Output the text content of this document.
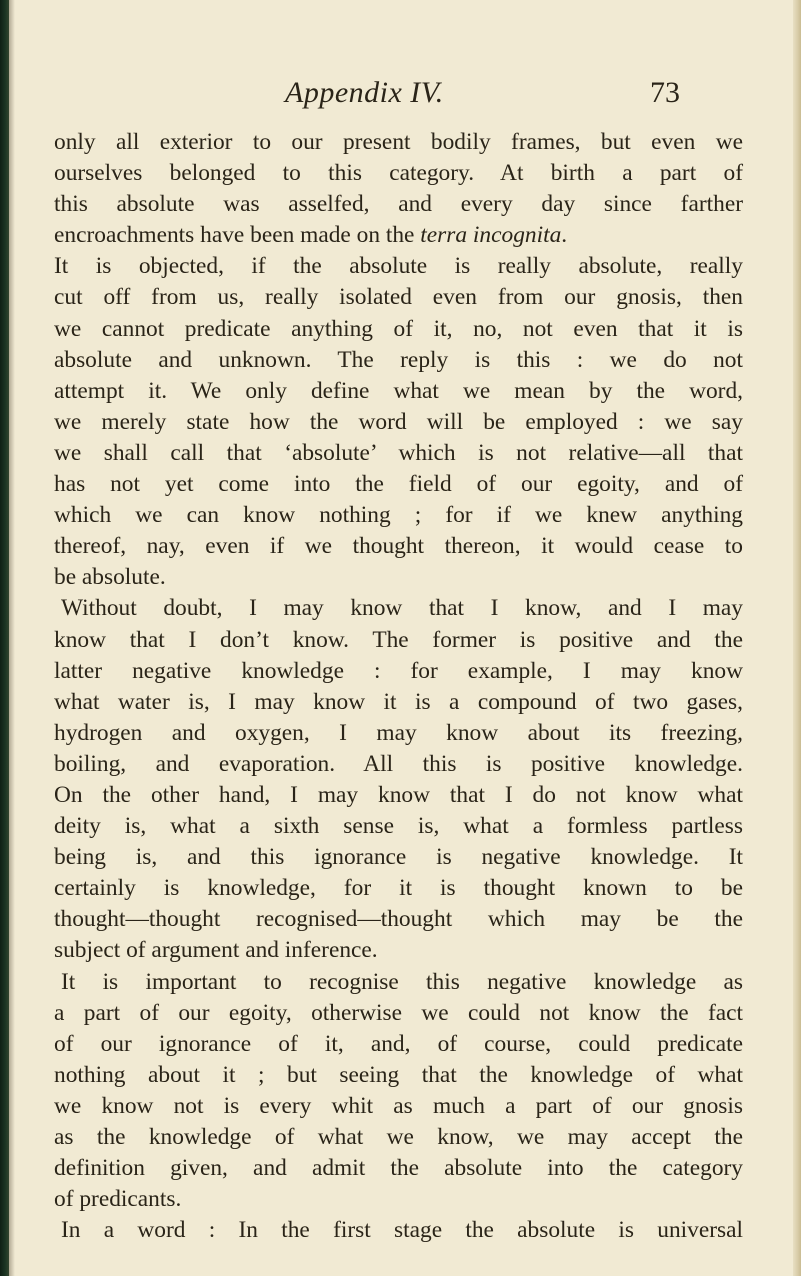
Appendix IV.	73
only all exterior to our present bodily frames, but even we
ourselves belonged to this category. At birth a part of
this absolute was asselfed, and every day since farther
encroachments have been made on the terra incognita.
It is objected, if the absolute is really absolute, really
cut off from us, really isolated even from our gnosis, then
we cannot predicate anything of it, no, not even that it is
absolute and unknown. The reply is this : we do not
attempt it. We only define what we mean by the word,
we merely state how the word will be employed : we say
we shall call that ‘absolute’ which is not relative—all that
has not yet come into the field of our egoity, and of
which we can know nothing ; for if we knew anything
thereof, nay, even if we thought thereon, it would cease to
be absolute.
Without doubt, I may know that I know, and I may
know that I don’t know. The former is positive and the
latter negative knowledge : for example, I may know
what water is, I may know it is a compound of two gases,
hydrogen and oxygen, I may know about its freezing,
boiling, and evaporation. All this is positive knowledge.
On the other hand, I may know that I do not know what
deity is, what a sixth sense is, what a formless partless
being is, and this ignorance is negative knowledge. It
certainly is knowledge, for it is thought known to be
thought—thought recognised—thought which may be the
subject of argument and inference.
It is important to recognise this negative knowledge as
a part of our egoity, otherwise we could not know the fact
of our ignorance of it, and, of course, could predicate
nothing about it ; but seeing that the knowledge of what
we know not is every whit as much a part of our gnosis
as the knowledge of what we know, we may accept the
definition given, and admit the absolute into the category
of predicants.
In a word : In the first stage the absolute is universal
